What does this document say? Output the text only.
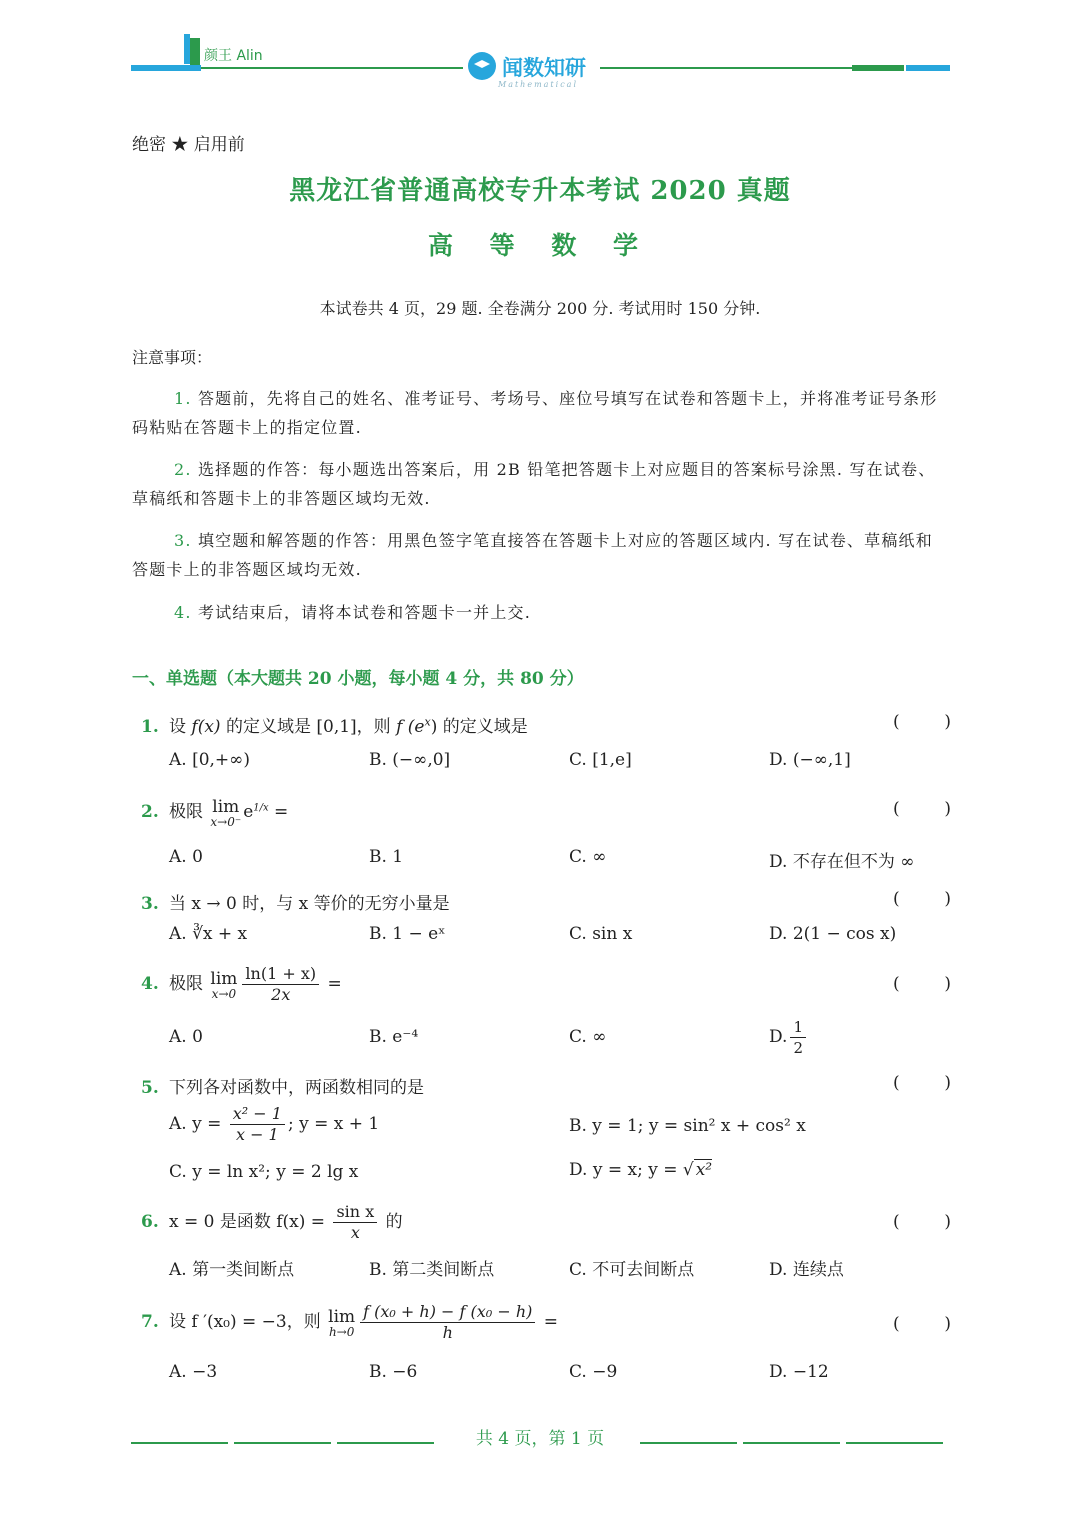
颜王 Alin	闻数知研
Mathematical
绝密 ★ 启用前
黑龙江省普通高校专升本考试 2020 真题
高 等 数 学
本试卷共 4 页，29 题. 全卷满分 200 分. 考试用时 150 分钟.
注意事项：
1. 答题前，先将自己的姓名、准考证号、考场号、座位号填写在试卷和答题卡上，并将准考证号条形码粘贴在答题卡上的指定位置.
2. 选择题的作答：每小题选出答案后，用 2B 铅笔把答题卡上对应题目的答案标号涂黑. 写在试卷、草稿纸和答题卡上的非答题区域均无效.
3. 填空题和解答题的作答：用黑色签字笔直接答在答题卡上对应的答题区域内. 写在试卷、草稿纸和答题卡上的非答题区域均无效.
4. 考试结束后，请将本试卷和答题卡一并上交.
一、单选题（本大题共 20 小题，每小题 4 分，共 80 分）
1. 设 f(x) 的定义域是 [0,1]，则 f $(e^x)$ 的定义域是	(	)
A. [0,+∞)	B. (−∞,0]	C. [1,e]	D. (−∞,1]
2. 极限 lim
x→0⁻ $e^{1/x}$ =	(	)
A. 0	B. 1	C. ∞	D. 不存在但不为 ∞
3. 当 x → 0 时，与 x 等价的无穷小量是	(	)
A. ∛x + x	B. 1 − eˣ	C. sin x	D. 2(1 − cos x)
4. 极限 lim
$x\to 0 \frac{\ln(1 + x)}{2x}$ =	(	)
A. 0	B. e⁻⁴	C. ∞	D. $\frac{1}{2}$
5. 下列各对函数中，两函数相同的是	(	)
A. $y = \frac{\text{x² − 1}}{x - 1}$ ; y = x + 1	B. y = 1; y = sin² x + cos² x
C. y = ln x²; y = 2 lg x	D. y = x; y = √ x²
6. x = 0 是函数 $f(x) = \frac{\text{sin x}}{x}$ 的	(	)
A. 第一类间断点	B. 第二类间断点	C. 不可去间断点	D. 连续点
7. 设 f ′(x₀) = −3，则 lim
$h\to 0 \frac{\text{f (x₀ + h) − f (x₀ − h)}}{h}$ =	(	)
A. −3	B. −6	C. −9	D. −12
共 4 页，第 1 页
